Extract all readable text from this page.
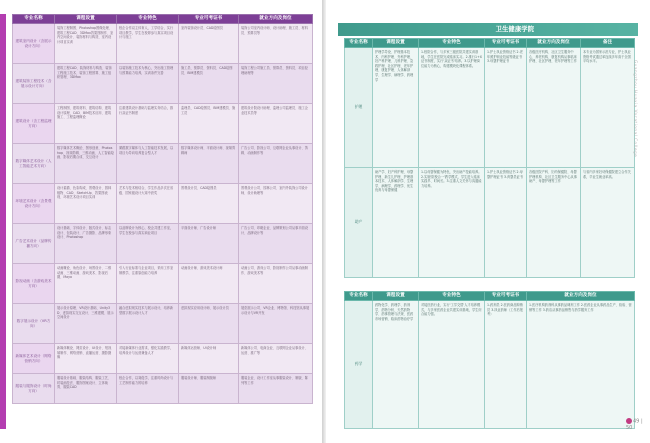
专业名称	课程设置	专业特色	专业可考证书	就业方向及岗位
建筑室内设计（含展示设计方向）	装饰工程制图、Photoshop图像处理、建筑工程CAD、3DMax效果图制作、室内空间设计、装饰材料与构造、室内设计项目实训	校企合作双主体育人，工学结合，实行项目教学，学生在校即参与真实项目设计与施工	室内装饰设计员、CAD绘图员	装饰公司室内设计师、设计助理、施工员、材料员、预算员等
建筑装饰工程技术（含展示设计方向）	建筑工程CAD、装饰材料与构造、装饰工程施工技术、装饰工程预算、施工组织管理、3DMax	以装饰施工技术为核心，突出施工管理与预算能力培养，实训条件完善	施工员、预算员、资料员、CAD绘图员、BIM建模员	装饰工程公司施工员、预算员、资料员、项目经理助理等
建筑设计（含工程监理方向）	工程制图、建筑材料、建筑结构、建筑设计原理、CAD、BIM技术应用、建筑施工、工程监理概论	注重建筑设计基础与监理实务结合，推行双证书制度	监理员、CAD绘图员、BIM建模员、施工员	建筑设计院设计助理、监理公司监理员、施工企业技术员等
数字媒体艺术设计（人工智能艺术方向）	数字媒体艺术概论、图形创意、Photoshop、视频剪辑、三维动画、人工智能绘画、影视后期合成、交互设计	紧跟数字媒体与人工智能技术发展，以项目为导向培养复合型人才	数字媒体设计师、平面设计师、视频剪辑师	广告公司、影视公司、互联网企业从事设计、剪辑、动画制作等
环境艺术设计（含景观设计方向）	设计素描、色彩构成、景观设计、园林植物、CAD、SketchUp、效果图表现、环境艺术设计项目实训	艺术与技术相结合，学生作品多次在省级、国家级设计大赛中获奖	景观设计员、CAD绘图员	景观设计公司、园林公司、室内外装饰公司设计师、设计助理等
广告艺术设计（品牌传播方向）	设计基础、字体设计、版式设计、标志设计、包装设计、广告摄影、品牌形象设计、Photoshop	以品牌设计为核心，校企共建工作室，学生在校参与真实商业项目	平面设计师、广告设计师	广告公司、印刷企业、品牌策划公司从事平面设计、品牌设计等
影视动画（含游戏美术方向）	动画概论、角色设计、场景设计、二维动画、三维动画、游戏美术、影视后期、Maya	引入行业标准与企业项目，采用工作室制教学，注重原创能力培养	动画设计师、游戏美术设计师	动画公司、游戏公司、影视制作公司从事动画制作、游戏美术等
数字展示设计（VR方向）	展示设计原理、VR设计基础、Unity3D、虚拟现实交互设计、三维建模、展示空间设计	融合虚拟现实技术与展示设计，培养新型数字展示设计人才	虚拟现实应用设计师、展示设计员	展览展示公司、VR企业、博物馆、科技馆从事展示设计与VR开发
新媒体艺术设计（网络营销方向）	新媒体概论、网页设计、UI设计、短视频制作、网络营销、直播运营、摄影摄像	对接新媒体行业需求，强化实践教学，培养设计与运营兼备人才	新媒体运营师、UI设计师	新媒体公司、电商企业、互联网企业从事设计、运营、推广等
服装与服饰设计（时尚方向）	服装设计基础、服装结构、服装工艺、时装画技法、服饰图案设计、立体裁剪、服装CAD	校企合作，以赛促学，注重时尚设计与工艺制作能力的培养	服装设计师、服装制版师	服装企业、设计工作室从事服装设计、制版、陈列等工作
卫生健康学院
专业名称	课程设置	专业特色	专业可考证书	就业方向及岗位	备注
护理	护理学导论、护理基本技术、内科护理、外科护理、妇产科护理、儿科护理、急救护理、社区护理、老年护理、康复护理、人体解剖学、生理学、病理学、药理学	1.校院合作，与多家三级医院共建实训基地，学生在医院完成临床实习。2.推行1+X证书制度，实行'双证书'培养。3.以护理岗位能力为核心，构建模块化课程体系。	1.护士执业资格证书 2.老年照护职业技能等级证书 3.母婴护理证书	各级医疗机构、社区卫生服务中心、养老机构、康复机构从事临床护理、社区护理、老年护理等工作	本专业为国家示范专业，护士执业资格考试通过率连续多年高于全国平均水平。
助产	助产学、妇产科护理、母婴护理、新生儿护理、护理基本技术、人体解剖学、生理学、病理学、药理学、优生优育与母婴保健	1.以母婴保健为特色，突出助产技能培养。2.实施'院校合一'教学模式，学生进入临床实践早、时间长。3.注重人文关怀与沟通能力培养。	1.护士执业资格证书 2.母婴护理证书 3.育婴员证书	各级医院产科、妇幼保健院、母婴护理机构、社区卫生服务中心从事助产、母婴护理等工作	与省内多家妇幼保健院建立合作关系，毕业生就业率高。
专业名称	课程设置	专业特色	专业可考证书	就业方向及岗位
药学	药物化学、药理学、药剂学、药物分析、天然药物学、药事管理与法规、医药市场营销、临床药物治疗学	对接医药行业，实行'工学交替'人才培养模式，与多家医药企业共建实训基地，学生综合能力强。	1.药剂员 2.医药商品购销员 3.执业药师（工作后报考）	1.医疗机构药剂科从事药品调剂工作 2.医药企业从事药品生产、检验、营销等工作 3.药店从事药品销售与药学服务工作
Guangzhou Huaxia Vocational College
49 | 50
